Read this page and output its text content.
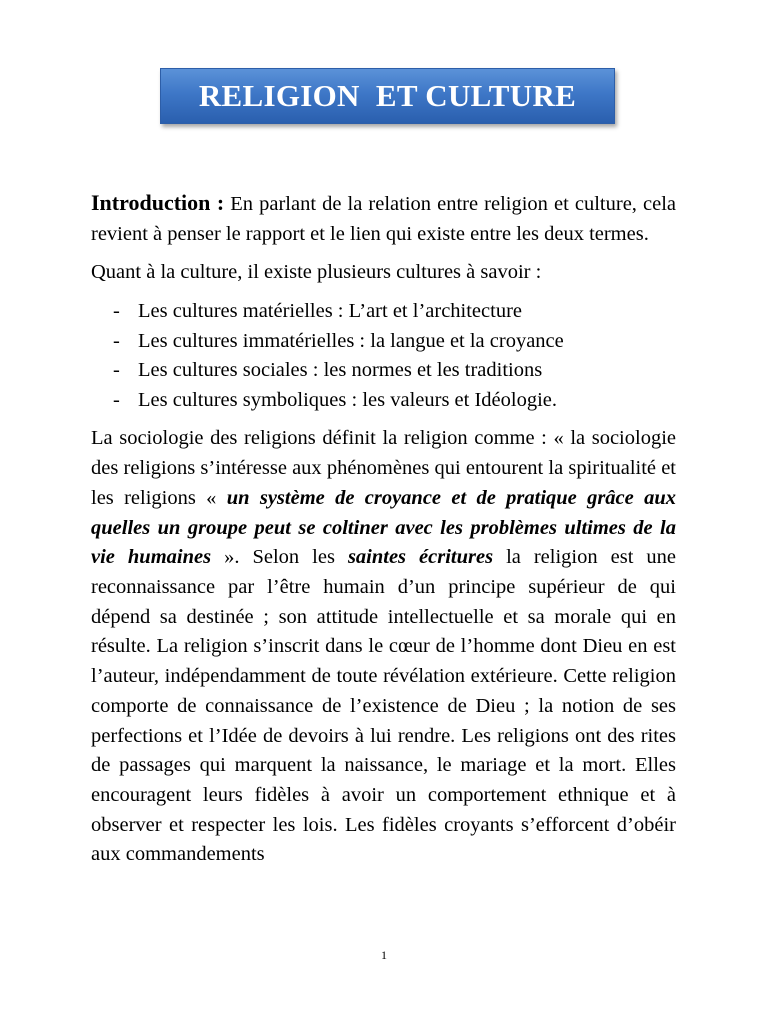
RELIGION  ET CULTURE

Introduction : En parlant de la relation entre religion et culture, cela revient à penser le rapport et le lien qui existe entre les deux termes.

Quant à la culture, il existe plusieurs cultures à savoir :

- Les cultures matérielles : L’art et l’architecture
- Les cultures immatérielles : la langue et la croyance
- Les cultures sociales : les normes et les traditions
- Les cultures symboliques : les valeurs et Idéologie.

La sociologie des religions définit la religion comme : « la sociologie des religions s’intéresse aux phénomènes qui entourent la spiritualité et les religions « un système de croyance et de pratique grâce aux quelles un groupe peut se coltiner avec les problèmes ultimes de la vie humaines ». Selon les saintes écritures la religion est une reconnaissance par l’être humain d’un principe supérieur de qui dépend sa destinée ; son attitude intellectuelle et sa morale qui en résulte. La religion s’inscrit dans le cœur de l’homme dont Dieu en est l’auteur, indépendamment de toute révélation extérieure. Cette religion comporte de connaissance de l’existence de Dieu ; la notion de ses perfections et l’Idée de devoirs à lui rendre. Les religions ont des rites de passages qui marquent la naissance, le mariage et la mort. Elles encouragent leurs fidèles à avoir un comportement ethnique et à observer et respecter les lois. Les fidèles croyants s’efforcent d’obéir aux commandements

1
